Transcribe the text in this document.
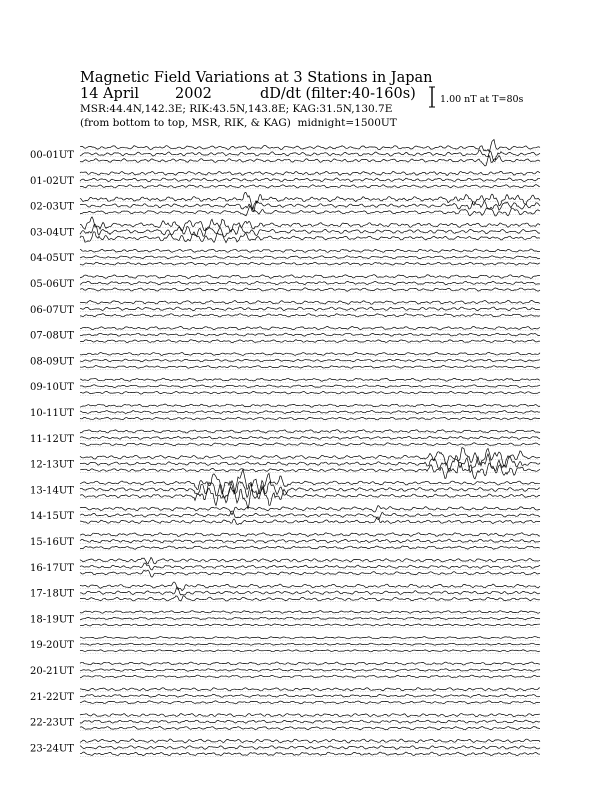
Magnetic Field Variations at 3 Stations in Japan
14 April 2002	dD/dt (filter:40-160s)
MSR:44.4N,142.3E; RIK:43.5N,143.8E; KAG:31.5N,130.7E
(from bottom to top, MSR, RIK, & KAG) midnight=1500UT
1.00 nT at T=80s
00-01UT
01-02UT
02-03UT
03-04UT
04-05UT
05-06UT
06-07UT
07-08UT
08-09UT
09-10UT
10-11UT
11-12UT
12-13UT
13-14UT
14-15UT
15-16UT
16-17UT
17-18UT
18-19UT
19-20UT
20-21UT
21-22UT
22-23UT
23-24UT
